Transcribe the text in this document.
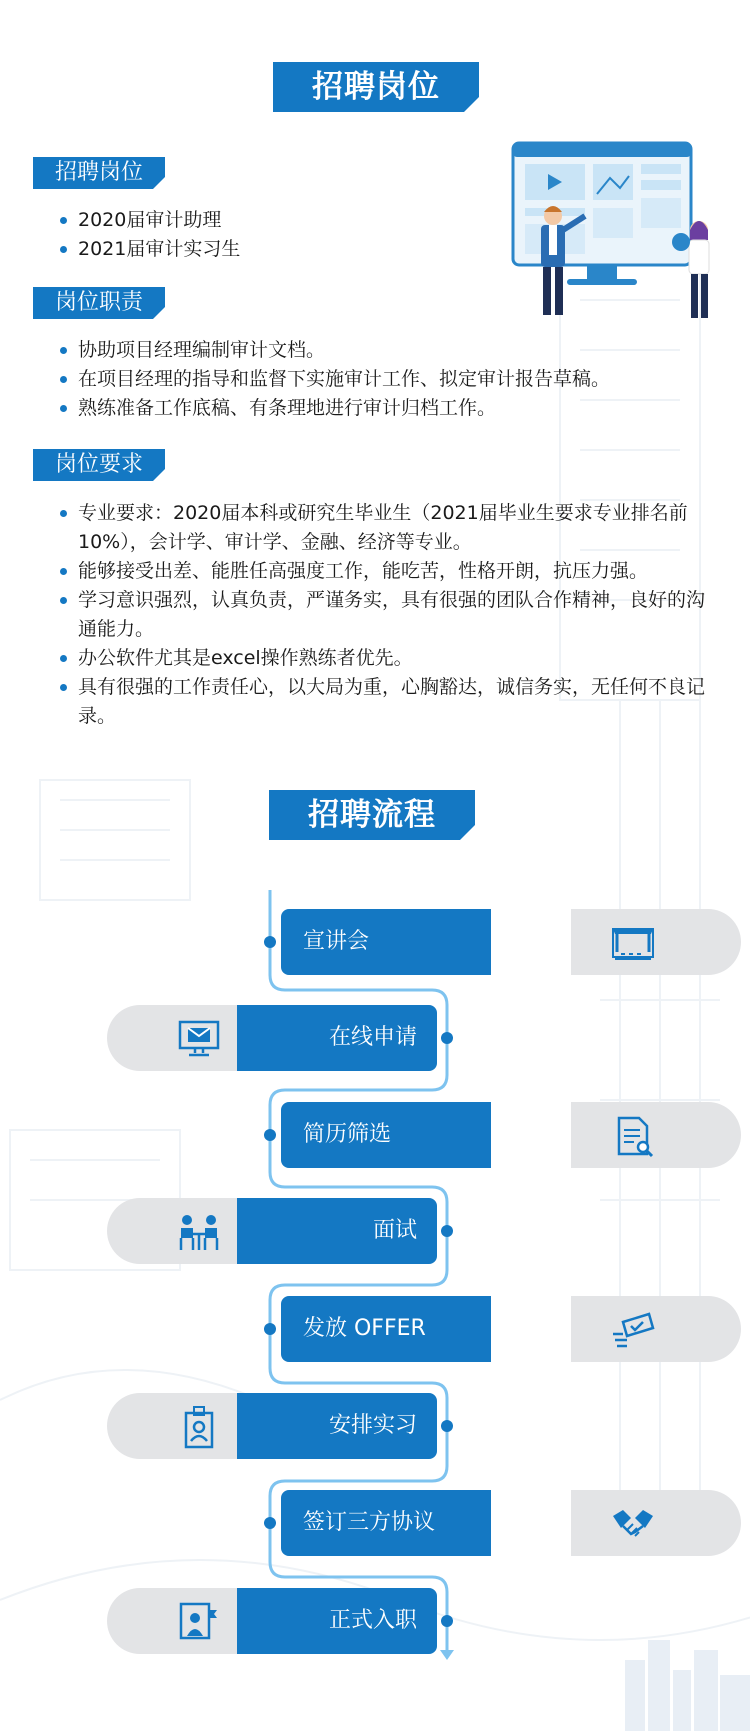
招聘岗位
招聘岗位
2020届审计助理
2021届审计实习生
岗位职责
协助项目经理编制审计文档。
在项目经理的指导和监督下实施审计工作、拟定审计报告草稿。
熟练准备工作底稿、有条理地进行审计归档工作。
岗位要求
专业要求：2020届本科或研究生毕业生（2021届毕业生要求专业排名前10%），会计学、审计学、金融、经济等专业。
能够接受出差、能胜任高强度工作，能吃苦，性格开朗，抗压力强。
学习意识强烈，认真负责，严谨务实，具有很强的团队合作精神，良好的沟通能力。
办公软件尤其是excel操作熟练者优先。
具有很强的工作责任心，以大局为重，心胸豁达，诚信务实，无任何不良记录。
招聘流程
宣讲会
在线申请
简历筛选
面试
发放 OFFER
安排实习
签订三方协议
正式入职
